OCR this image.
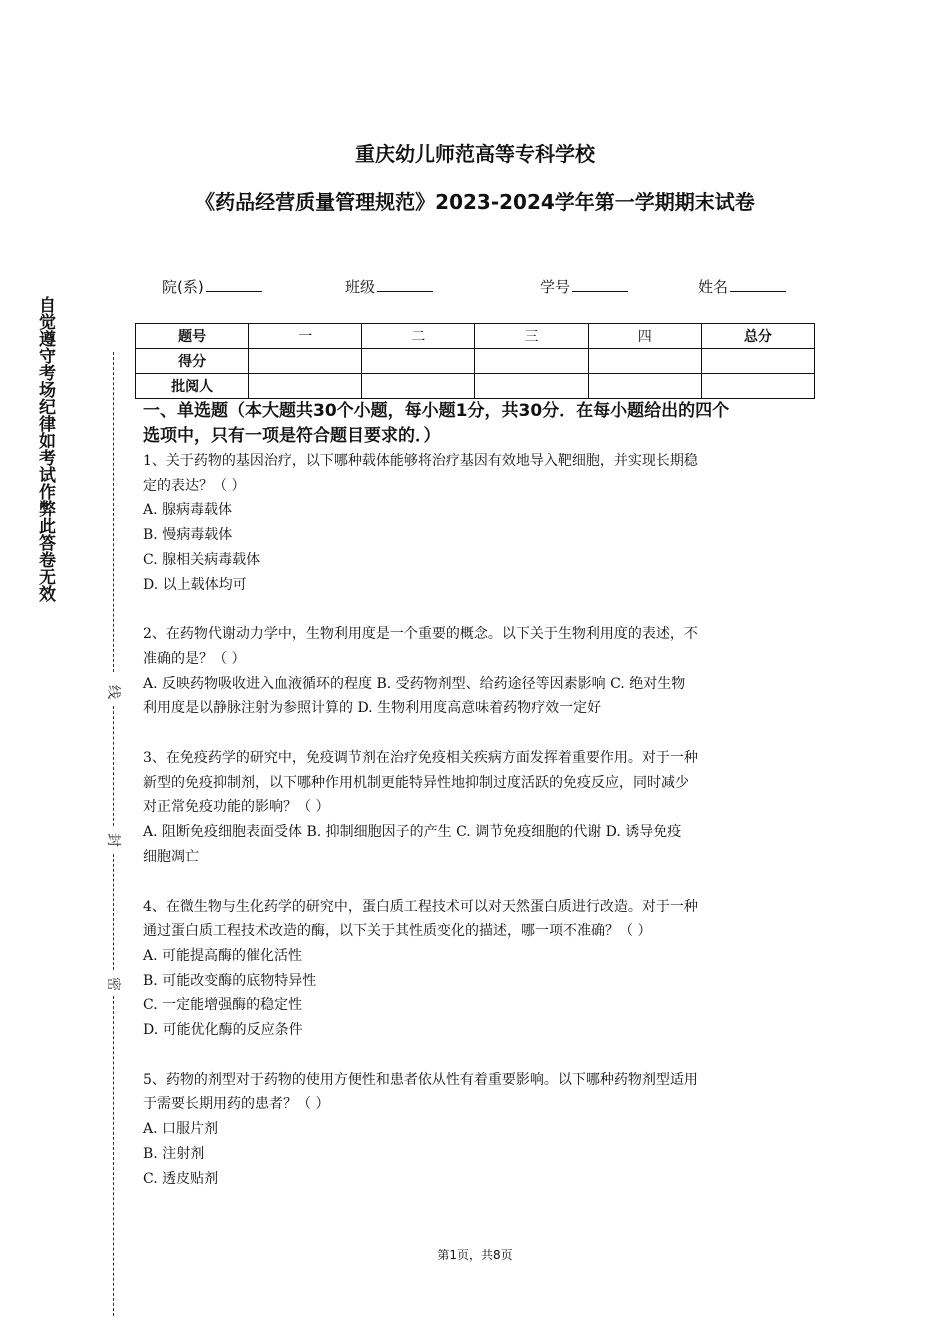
重庆幼儿师范高等专科学校
《药品经营质量管理规范》2023-2024学年第一学期期末试卷
院(系)	班级	学号	姓名
题号	一	二	三	四	总分
得分					
批阅人					
自觉遵守考场纪律如考试作弊此答卷无效
线
封
密

一、单选题（本大题共30个小题，每小题1分，共30分．在每小题给出的四个

选项中，只有一项是符合题目要求的．）

1、关于药物的基因治疗，以下哪种载体能够将治疗基因有效地导入靶细胞，并实现长期稳

定的表达？（ ）

A. 腺病毒载体

B. 慢病毒载体

C. 腺相关病毒载体

D. 以上载体均可

2、在药物代谢动力学中，生物利用度是一个重要的概念。以下关于生物利用度的表述，不

准确的是？（ ）

A. 反映药物吸收进入血液循环的程度 B. 受药物剂型、给药途径等因素影响 C. 绝对生物

利用度是以静脉注射为参照计算的 D. 生物利用度高意味着药物疗效一定好

3、在免疫药学的研究中，免疫调节剂在治疗免疫相关疾病方面发挥着重要作用。对于一种

新型的免疫抑制剂，以下哪种作用机制更能特异性地抑制过度活跃的免疫反应，同时减少

对正常免疫功能的影响？（ ）

A. 阻断免疫细胞表面受体 B. 抑制细胞因子的产生 C. 调节免疫细胞的代谢 D. 诱导免疫

细胞凋亡

4、在微生物与生化药学的研究中，蛋白质工程技术可以对天然蛋白质进行改造。对于一种

通过蛋白质工程技术改造的酶，以下关于其性质变化的描述，哪一项不准确？（ ）

A. 可能提高酶的催化活性

B. 可能改变酶的底物特异性

C. 一定能增强酶的稳定性

D. 可能优化酶的反应条件

5、药物的剂型对于药物的使用方便性和患者依从性有着重要影响。以下哪种药物剂型适用

于需要长期用药的患者？（ ）

A. 口服片剂

B. 注射剂

C. 透皮贴剂

第1页，共8页
